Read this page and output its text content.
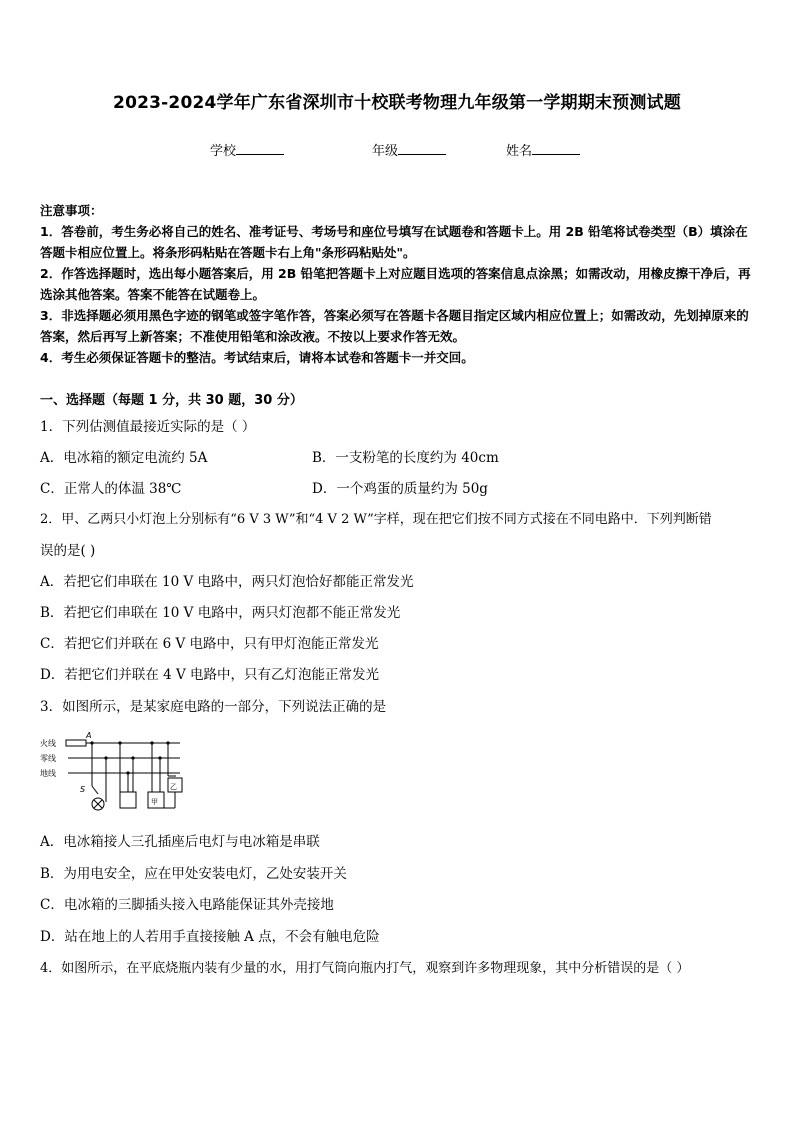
2023-2024学年广东省深圳市十校联考物理九年级第一学期期末预测试题
学校	年级	姓名
注意事项：
1．答卷前，考生务必将自己的姓名、准考证号、考场号和座位号填写在试题卷和答题卡上。用 2B 铅笔将试卷类型（B）填涂在答题卡相应位置上。将条形码粘贴在答题卡右上角"条形码粘贴处"。
2．作答选择题时，选出每小题答案后，用 2B 铅笔把答题卡上对应题目选项的答案信息点涂黑；如需改动，用橡皮擦干净后，再选涂其他答案。答案不能答在试题卷上。
3．非选择题必须用黑色字迹的钢笔或签字笔作答，答案必须写在答题卡各题目指定区域内相应位置上；如需改动，先划掉原来的答案，然后再写上新答案；不准使用铅笔和涂改液。不按以上要求作答无效。
4．考生必须保证答题卡的整洁。考试结束后，请将本试卷和答题卡一并交回。
一、选择题（每题 1 分，共 30 题，30 分）
1．下列估测值最接近实际的是（ ）
A．电冰箱的额定电流约 5A	B．一支粉笔的长度约为 40cm
C．正常人的体温 38℃	D．一个鸡蛋的质量约为 50g
2．甲、乙两只小灯泡上分别标有“6 V 3 W”和“4 V 2 W”字样，现在把它们按不同方式接在不同电路中．下列判断错
误的是( )
A．若把它们串联在 10 V 电路中，两只灯泡恰好都能正常发光
B．若把它们串联在 10 V 电路中，两只灯泡都不能正常发光
C．若把它们并联在 6 V 电路中，只有甲灯泡能正常发光
D．若把它们并联在 4 V 电路中，只有乙灯泡能正常发光
3．如图所示，是某家庭电路的一部分，下列说法正确的是
火线
零线
地线
A
S
甲
乙
A．电冰箱接人三孔插座后电灯与电冰箱是串联
B．为用电安全，应在甲处安装电灯，乙处安装开关
C．电冰箱的三脚插头接入电路能保证其外壳接地
D．站在地上的人若用手直接接触 A 点，不会有触电危险
4．如图所示，在平底烧瓶内装有少量的水，用打气筒向瓶内打气，观察到许多物理现象，其中分析错误的是（ ）
